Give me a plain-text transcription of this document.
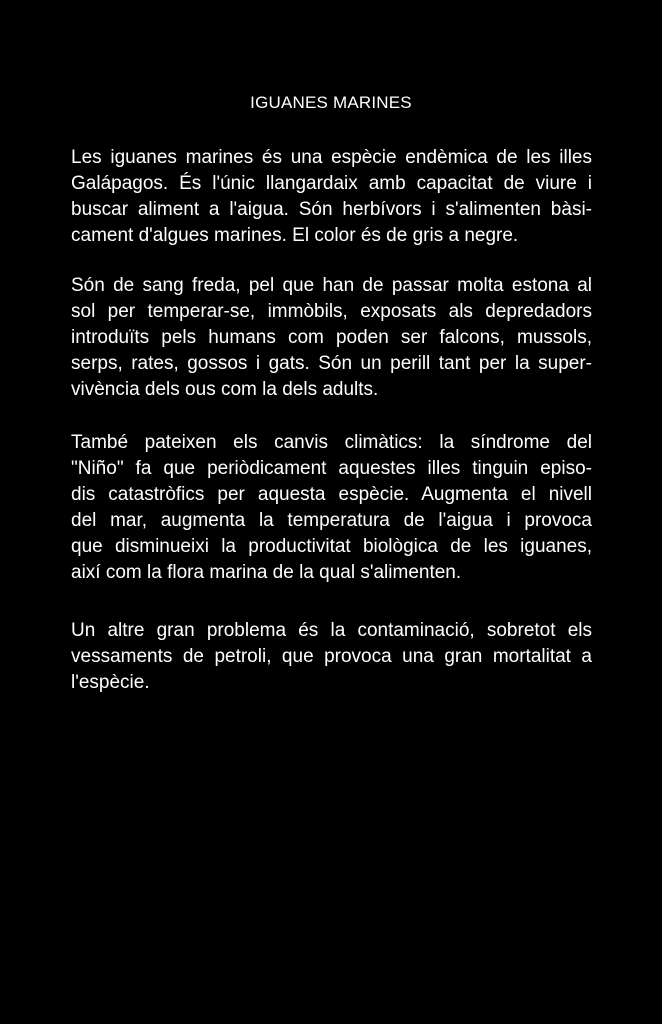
IGUANES MARINES
Les iguanes marines és una espècie endèmica de les illes
Galápagos. És l'únic llangardaix amb capacitat de viure i
buscar aliment a l'aigua. Són herbívors i s'alimenten bàsi-
cament d'algues marines. El color és de gris a negre.
Són de sang freda, pel que han de passar molta estona al
sol per temperar-se, immòbils, exposats als depredadors
introduïts pels humans com poden ser falcons, mussols,
serps, rates, gossos i gats. Són un perill tant per la super-
vivència dels ous com la dels adults.
També pateixen els canvis climàtics: la síndrome del
"Niño" fa que periòdicament aquestes illes tinguin episo-
dis catastròfics per aquesta espècie. Augmenta el nivell
del mar, augmenta la temperatura de l'aigua i provoca
que disminueixi la productivitat biològica de les iguanes,
així com la flora marina de la qual s'alimenten.
Un altre gran problema és la contaminació, sobretot els
vessaments de petroli, que provoca una gran mortalitat a
l'espècie.
